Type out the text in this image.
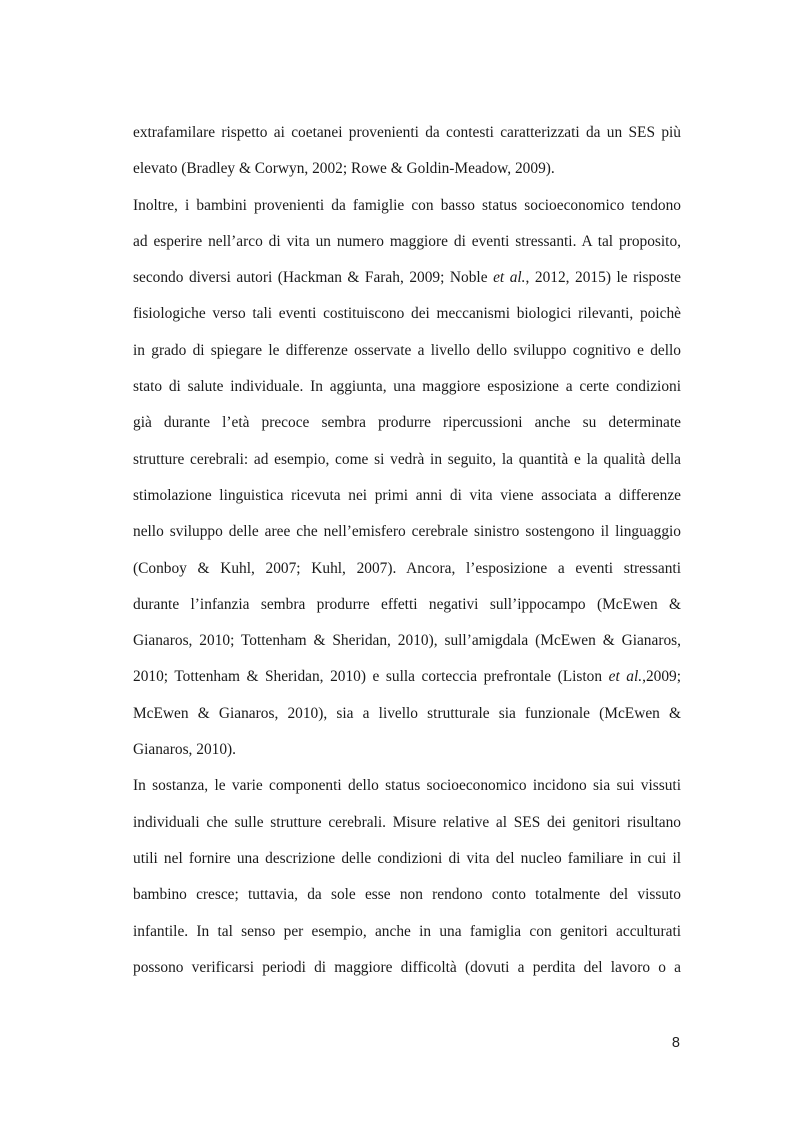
extrafamilare rispetto ai coetanei provenienti da contesti caratterizzati da un SES più
elevato (Bradley & Corwyn, 2002; Rowe & Goldin-Meadow, 2009).
Inoltre, i bambini provenienti da famiglie con basso status socioeconomico tendono
ad esperire nell’arco di vita un numero maggiore di eventi stressanti. A tal proposito,
secondo diversi autori (Hackman & Farah, 2009; Noble et al., 2012, 2015) le risposte
fisiologiche verso tali eventi costituiscono dei meccanismi biologici rilevanti, poichè
in grado di spiegare le differenze osservate a livello dello sviluppo cognitivo e dello
stato di salute individuale. In aggiunta, una maggiore esposizione a certe condizioni
già durante l’età precoce sembra produrre ripercussioni anche su determinate
strutture cerebrali: ad esempio, come si vedrà in seguito, la quantità e la qualità della
stimolazione linguistica ricevuta nei primi anni di vita viene associata a differenze
nello sviluppo delle aree che nell’emisfero cerebrale sinistro sostengono il linguaggio
(Conboy & Kuhl, 2007; Kuhl, 2007). Ancora, l’esposizione a eventi stressanti
durante l’infanzia sembra produrre effetti negativi sull’ippocampo (McEwen &
Gianaros, 2010; Tottenham & Sheridan, 2010), sull’amigdala (McEwen & Gianaros,
2010; Tottenham & Sheridan, 2010) e sulla corteccia prefrontale (Liston et al.,2009;
McEwen & Gianaros, 2010), sia a livello strutturale sia funzionale (McEwen &
Gianaros, 2010).
In sostanza, le varie componenti dello status socioeconomico incidono sia sui vissuti
individuali che sulle strutture cerebrali. Misure relative al SES dei genitori risultano
utili nel fornire una descrizione delle condizioni di vita del nucleo familiare in cui il
bambino cresce; tuttavia, da sole esse non rendono conto totalmente del vissuto
infantile. In tal senso per esempio, anche in una famiglia con genitori acculturati
possono verificarsi periodi di maggiore difficoltà (dovuti a perdita del lavoro o a
8
